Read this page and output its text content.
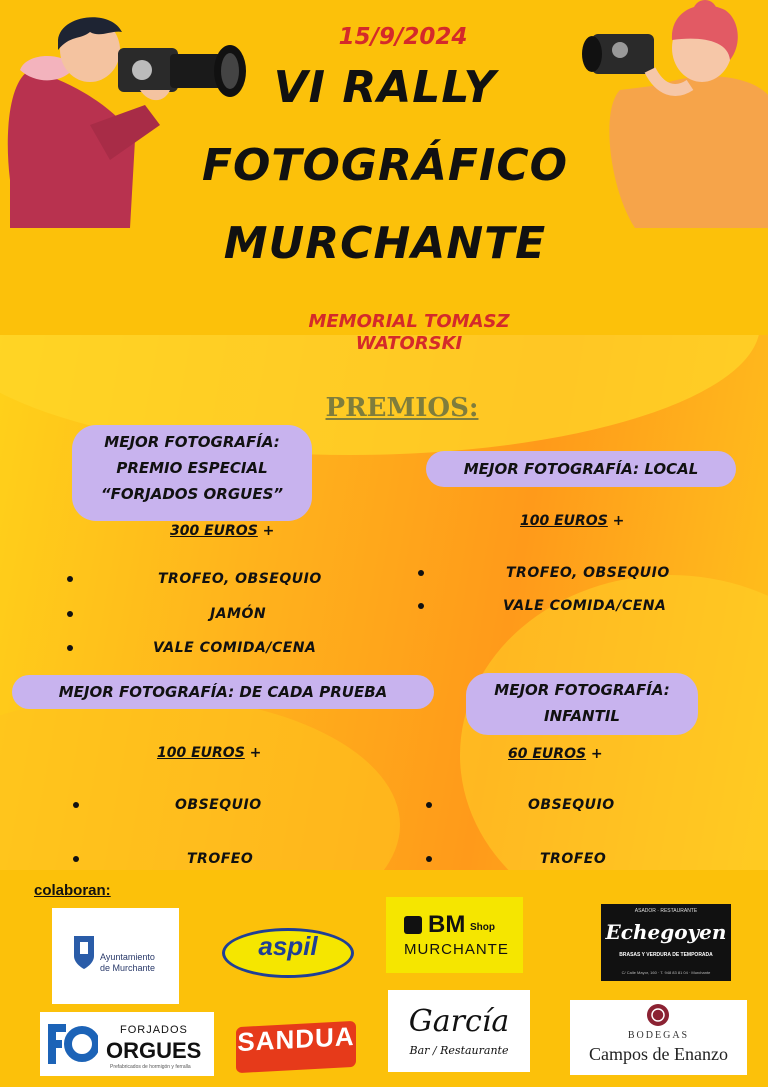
15/9/2024
VI RALLY
FOTOGRÁFICO
MURCHANTE
MEMORIAL TOMASZ
WATORSKI
PREMIOS:
MEJOR FOTOGRAFÍA:
PREMIO ESPECIAL
“FORJADOS ORGUES”
300 EUROS +
TROFEO, OBSEQUIO
JAMÓN
VALE COMIDA/CENA
MEJOR FOTOGRAFÍA: LOCAL
100 EUROS +
TROFEO, OBSEQUIO
VALE COMIDA/CENA
MEJOR FOTOGRAFÍA: DE CADA PRUEBA
100 EUROS +
OBSEQUIO
TROFEO
MEJOR FOTOGRAFÍA:
INFANTIL
60 EUROS +
OBSEQUIO
TROFEO
colaboran:
Ayuntamiento
de Murchante
aspil
BM Shop
MURCHANTE
ASADOR · RESTAURANTE
Echegoyen
BRASAS Y VERDURA DE TEMPORADA
C/ Calle Mayor, 160 · T. 948 83 81 04 · Murchante
FORJADOS
ORGUES
Prefabricados de hormigón y ferralla
SANDUA	García
Bar / Restaurante
BODEGAS
Campos de Enanzo
